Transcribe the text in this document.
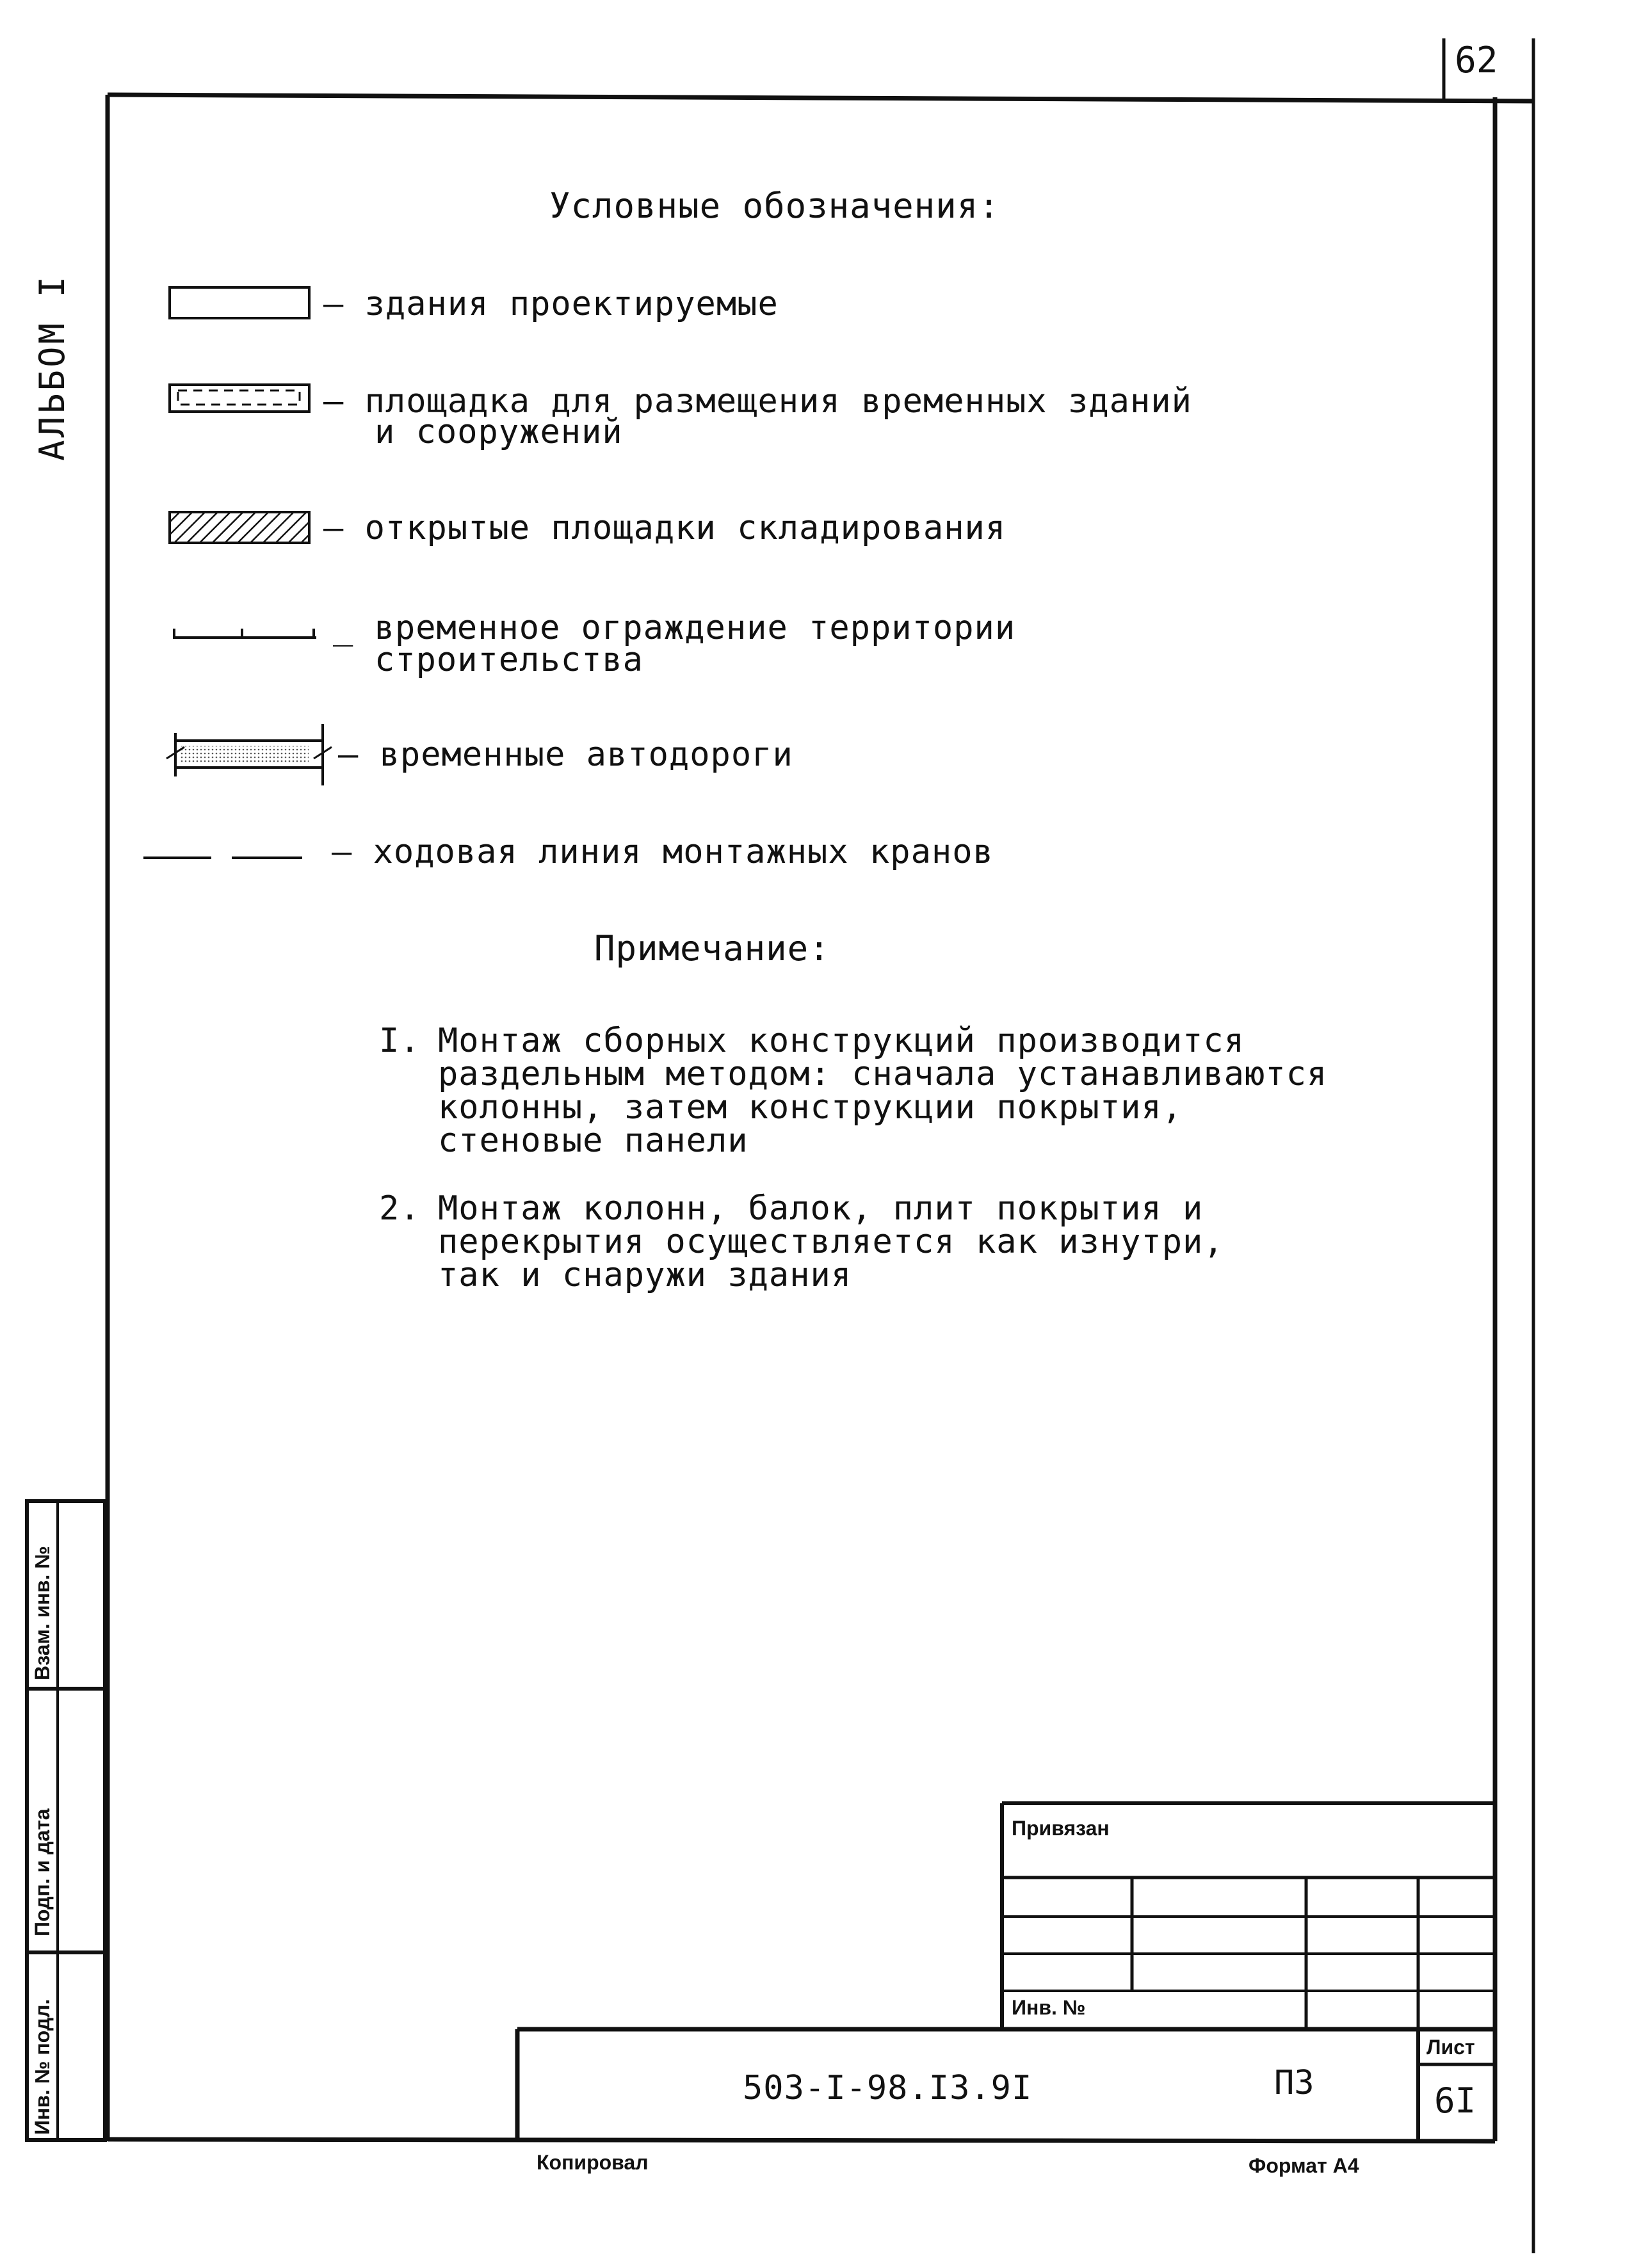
62
АЛЬБОМ I
Условные обозначения:
— здания проектируемые
— площадка для размещения временных зданий
и сооружений
— открытые площадки складирования
_ временное ограждение территории
строительства
— временные автодороги
— ходовая линия монтажных кранов
Примечание:
I. Монтаж сборных конструкций производится
раздельным методом: сначала устанавливаются
колонны, затем конструкции покрытия,
стеновые панели
2. Монтаж колонн, балок, плит покрытия и
перекрытия осуществляется как изнутри,
так и снаружи здания
Взам. инв. №
Подп. и дата
Инв. № подл.
Привязан
Инв. №
503-I-98.I3.9I	ПЗ
Лист
6I
Копировал	Формат А4
